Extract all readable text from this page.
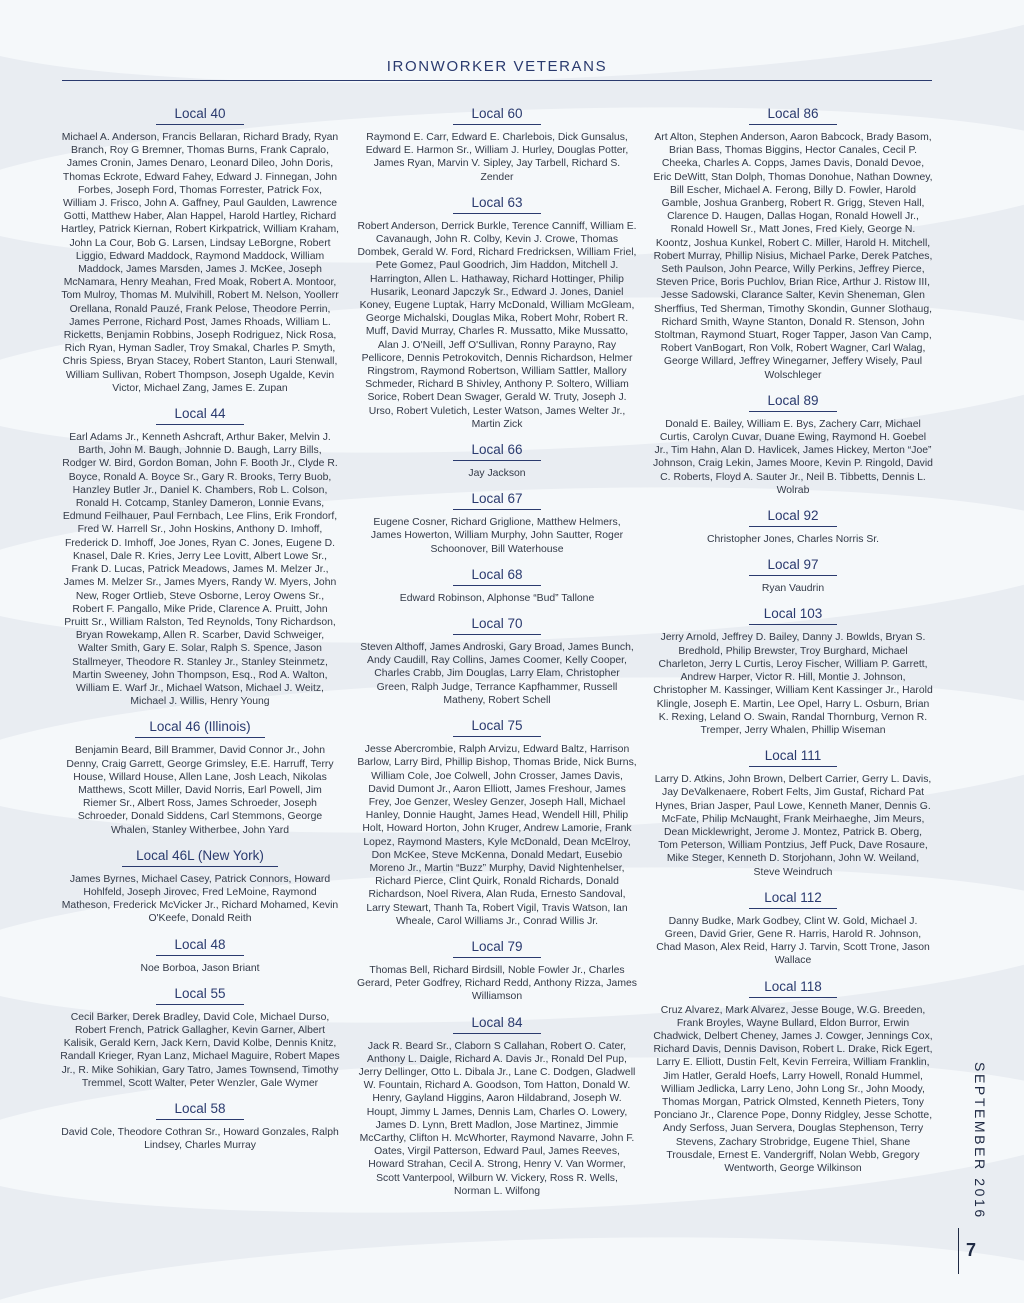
IRONWORKER VETERANS
Local 40

Michael A. Anderson, Francis Bellaran, Richard Brady, Ryan Branch, Roy G Bremner, Thomas Burns, Frank Capralo, James Cronin, James Denaro, Leonard Dileo, John Doris, Thomas Eckrote, Edward Fahey, Edward J. Finnegan, John Forbes, Joseph Ford, Thomas Forrester, Patrick Fox, William J. Frisco, John A. Gaffney, Paul Gaulden, Lawrence Gotti, Matthew Haber, Alan Happel, Harold Hartley, Richard Hartley, Patrick Kiernan, Robert Kirkpatrick, William Kraham, John La Cour, Bob G. Larsen, Lindsay LeBorgne, Robert Liggio, Edward Maddock, Raymond Maddock, William Maddock, James Marsden, James J. McKee, Joseph McNamara, Henry Meahan, Fred Moak, Robert A. Montoor, Tom Mulroy, Thomas M. Mulvihill, Robert M. Nelson, Yoollerr Orellana, Ronald Pauzé, Frank Pelose, Theodore Perrin, James Perrone, Richard Post, James Rhoads, William L. Ricketts, Benjamin Robbins, Joseph Rodriguez, Nick Rosa, Rich Ryan, Hyman Sadler, Troy Smakal, Charles P. Smyth, Chris Spiess, Bryan Stacey, Robert Stanton, Lauri Stenwall, William Sullivan, Robert Thompson, Joseph Ugalde, Kevin Victor, Michael Zang, James E. Zupan

Local 44

Earl Adams Jr., Kenneth Ashcraft, Arthur Baker, Melvin J. Barth, John M. Baugh, Johnnie D. Baugh, Larry Bills, Rodger W. Bird, Gordon Boman, John F. Booth Jr., Clyde R. Boyce, Ronald A. Boyce Sr., Gary R. Brooks, Terry Buob, Hanzley Butler Jr., Daniel K. Chambers, Rob L. Colson, Ronald H. Cotcamp, Stanley Dameron, Lonnie Evans, Edmund Feilhauer, Paul Fernbach, Lee Flins, Erik Frondorf, Fred W. Harrell Sr., John Hoskins, Anthony D. Imhoff, Frederick D. Imhoff, Joe Jones, Ryan C. Jones, Eugene D. Knasel, Dale R. Kries, Jerry Lee Lovitt, Albert Lowe Sr., Frank D. Lucas, Patrick Meadows, James M. Melzer Jr., James M. Melzer Sr., James Myers, Randy W. Myers, John New, Roger Ortlieb, Steve Osborne, Leroy Owens Sr., Robert F. Pangallo, Mike Pride, Clarence A. Pruitt, John Pruitt Sr., William Ralston, Ted Reynolds, Tony Richardson, Bryan Rowekamp, Allen R. Scarber, David Schweiger, Walter Smith, Gary E. Solar, Ralph S. Spence, Jason Stallmeyer, Theodore R. Stanley Jr., Stanley Steinmetz, Martin Sweeney, John Thompson, Esq., Rod A. Walton, William E. Warf Jr., Michael Watson, Michael J. Weitz, Michael J. Willis, Henry Young

Local 46 (Illinois)

Benjamin Beard, Bill Brammer, David Connor Jr., John Denny, Craig Garrett, George Grimsley, E.E. Harruff, Terry House, Willard House, Allen Lane, Josh Leach, Nikolas Matthews, Scott Miller, David Norris, Earl Powell, Jim Riemer Sr., Albert Ross, James Schroeder, Joseph Schroeder, Donald Siddens, Carl Stemmons, George Whalen, Stanley Witherbee, John Yard

Local 46L (New York)

James Byrnes, Michael Casey, Patrick Connors, Howard Hohlfeld, Joseph Jirovec, Fred LeMoine, Raymond Matheson, Frederick McVicker Jr., Richard Mohamed, Kevin O'Keefe, Donald Reith

Local 48

Noe Borboa, Jason Briant

Local 55

Cecil Barker, Derek Bradley, David Cole, Michael Durso, Robert French, Patrick Gallagher, Kevin Garner, Albert Kalisik, Gerald Kern, Jack Kern, David Kolbe, Dennis Knitz, Randall Krieger, Ryan Lanz, Michael Maguire, Robert Mapes Jr., R. Mike Sohikian, Gary Tatro, James Townsend, Timothy Tremmel, Scott Walter, Peter Wenzler, Gale Wymer

Local 58

David Cole, Theodore Cothran Sr., Howard Gonzales, Ralph Lindsey, Charles Murray

Local 60

Raymond E. Carr, Edward E. Charlebois, Dick Gunsalus, Edward E. Harmon Sr., William J. Hurley, Douglas Potter, James Ryan, Marvin V. Sipley, Jay Tarbell, Richard S. Zender

Local 63

Robert Anderson, Derrick Burkle, Terence Canniff, William E. Cavanaugh, John R. Colby, Kevin J. Crowe, Thomas Dombek, Gerald W. Ford, Richard Fredricksen, William Friel, Pete Gomez, Paul Goodrich, Jim Haddon, Mitchell J. Harrington, Allen L. Hathaway, Richard Hottinger, Philip Husarik, Leonard Japczyk Sr., Edward J. Jones, Daniel Koney, Eugene Luptak, Harry McDonald, William McGleam, George Michalski, Douglas Mika, Robert Mohr, Robert R. Muff, David Murray, Charles R. Mussatto, Mike Mussatto, Alan J. O'Neill, Jeff O'Sullivan, Ronny Parayno, Ray Pellicore, Dennis Petrokovitch, Dennis Richardson, Helmer Ringstrom, Raymond Robertson, William Sattler, Mallory Schmeder, Richard B Shivley, Anthony P. Soltero, William Sorice, Robert Dean Swager, Gerald W. Truty, Joseph J. Urso, Robert Vuletich, Lester Watson, James Welter Jr., Martin Zick

Local 66

Jay Jackson

Local 67

Eugene Cosner, Richard Griglione, Matthew Helmers, James Howerton, William Murphy, John Sautter, Roger Schoonover, Bill Waterhouse

Local 68

Edward Robinson, Alphonse “Bud” Tallone

Local 70

Steven Althoff, James Androski, Gary Broad, James Bunch, Andy Caudill, Ray Collins, James Coomer, Kelly Cooper, Charles Crabb, Jim Douglas, Larry Elam, Christopher Green, Ralph Judge, Terrance Kapfhammer, Russell Matheny, Robert Schell

Local 75

Jesse Abercrombie, Ralph Arvizu, Edward Baltz, Harrison Barlow, Larry Bird, Phillip Bishop, Thomas Bride, Nick Burns, William Cole, Joe Colwell, John Crosser, James Davis, David Dumont Jr., Aaron Elliott, James Freshour, James Frey, Joe Genzer, Wesley Genzer, Joseph Hall, Michael Hanley, Donnie Haught, James Head, Wendell Hill, Philip Holt, Howard Horton, John Kruger, Andrew Lamorie, Frank Lopez, Raymond Masters, Kyle McDonald, Dean McElroy, Don McKee, Steve McKenna, Donald Medart, Eusebio Moreno Jr., Martin “Buzz” Murphy, David Nightenhelser, Richard Pierce, Clint Quirk, Ronald Richards, Donald Richardson, Noel Rivera, Alan Ruda, Ernesto Sandoval, Larry Stewart, Thanh Ta, Robert Vigil, Travis Watson, Ian Wheale, Carol Williams Jr., Conrad Willis Jr.

Local 79

Thomas Bell, Richard Birdsill, Noble Fowler Jr., Charles Gerard, Peter Godfrey, Richard Redd, Anthony Rizza, James Williamson

Local 84

Jack R. Beard Sr., Claborn S Callahan, Robert O. Cater, Anthony L. Daigle, Richard A. Davis Jr., Ronald Del Pup, Jerry Dellinger, Otto L. Dibala Jr., Lane C. Dodgen, Gladwell W. Fountain, Richard A. Goodson, Tom Hatton, Donald W. Henry, Gayland Higgins, Aaron Hildabrand, Joseph W. Houpt, Jimmy L James, Dennis Lam, Charles O. Lowery, James D. Lynn, Brett Madlon, Jose Martinez, Jimmie McCarthy, Clifton H. McWhorter, Raymond Navarre, John F. Oates, Virgil Patterson, Edward Paul, James Reeves, Howard Strahan, Cecil A. Strong, Henry V. Van Wormer, Scott Vanterpool, Wilburn W. Vickery, Ross R. Wells, Norman L. Wilfong

Local 86

Art Alton, Stephen Anderson, Aaron Babcock, Brady Basom, Brian Bass, Thomas Biggins, Hector Canales, Cecil P. Cheeka, Charles A. Copps, James Davis, Donald Devoe, Eric DeWitt, Stan Dolph, Thomas Donohue, Nathan Downey, Bill Escher, Michael A. Ferong, Billy D. Fowler, Harold Gamble, Joshua Granberg, Robert R. Grigg, Steven Hall, Clarence D. Haugen, Dallas Hogan, Ronald Howell Jr., Ronald Howell Sr., Matt Jones, Fred Kiely, George N. Koontz, Joshua Kunkel, Robert C. Miller, Harold H. Mitchell, Robert Murray, Phillip Nisius, Michael Parke, Derek Patches, Seth Paulson, John Pearce, Willy Perkins, Jeffrey Pierce, Steven Price, Boris Puchlov, Brian Rice, Arthur J. Ristow III, Jesse Sadowski, Clarance Salter, Kevin Sheneman, Glen Sherffius, Ted Sherman, Timothy Skondin, Gunner Slothaug, Richard Smith, Wayne Stanton, Donald R. Stenson, John Stoltman, Raymond Stuart, Roger Tapper, Jason Van Camp, Robert VanBogart, Ron Volk, Robert Wagner, Carl Walag, George Willard, Jeffrey Winegarner, Jeffery Wisely, Paul Wolschleger

Local 89

Donald E. Bailey, William E. Bys, Zachery Carr, Michael Curtis, Carolyn Cuvar, Duane Ewing, Raymond H. Goebel Jr., Tim Hahn, Alan D. Havlicek, James Hickey, Merton “Joe” Johnson, Craig Lekin, James Moore, Kevin P. Ringold, David C. Roberts, Floyd A. Sauter Jr., Neil B. Tibbetts, Dennis L. Wolrab

Local 92

Christopher Jones, Charles Norris Sr.

Local 97

Ryan Vaudrin

Local 103

Jerry Arnold, Jeffrey D. Bailey, Danny J. Bowlds, Bryan S. Bredhold, Philip Brewster, Troy Burghard, Michael Charleton, Jerry L Curtis, Leroy Fischer, William P. Garrett, Andrew Harper, Victor R. Hill, Montie J. Johnson, Christopher M. Kassinger, William Kent Kassinger Jr., Harold Klingle, Joseph E. Martin, Lee Opel, Harry L. Osburn, Brian K. Rexing, Leland O. Swain, Randal Thornburg, Vernon R. Tremper, Jerry Whalen, Phillip Wiseman

Local 111

Larry D. Atkins, John Brown, Delbert Carrier, Gerry L. Davis, Jay DeValkenaere, Robert Felts, Jim Gustaf, Richard Pat Hynes, Brian Jasper, Paul Lowe, Kenneth Maner, Dennis G. McFate, Philip McNaught, Frank Meirhaeghe, Jim Meurs, Dean Micklewright, Jerome J. Montez, Patrick B. Oberg, Tom Peterson, William Pontzius, Jeff Puck, Dave Rosaure, Mike Steger, Kenneth D. Storjohann, John W. Weiland, Steve Weindruch

Local 112

Danny Budke, Mark Godbey, Clint W. Gold, Michael J. Green, David Grier, Gene R. Harris, Harold R. Johnson, Chad Mason, Alex Reid, Harry J. Tarvin, Scott Trone, Jason Wallace

Local 118

Cruz Alvarez, Mark Alvarez, Jesse Bouge, W.G. Breeden, Frank Broyles, Wayne Bullard, Eldon Burror, Erwin Chadwick, Delbert Cheney, James J. Cowger, Jennings Cox, Richard Davis, Dennis Davison, Robert L. Drake, Rick Egert, Larry E. Elliott, Dustin Felt, Kevin Ferreira, William Franklin, Jim Hatler, Gerald Hoefs, Larry Howell, Ronald Hummel, William Jedlicka, Larry Leno, John Long Sr., John Moody, Thomas Morgan, Patrick Olmsted, Kenneth Pieters, Tony Ponciano Jr., Clarence Pope, Donny Ridgley, Jesse Schotte, Andy Serfoss, Juan Servera, Douglas Stephenson, Terry Stevens, Zachary Strobridge, Eugene Thiel, Shane Trousdale, Ernest E. Vandergriff, Nolan Webb, Gregory Wentworth, George Wilkinson	SEPTEMBER 2016
7
